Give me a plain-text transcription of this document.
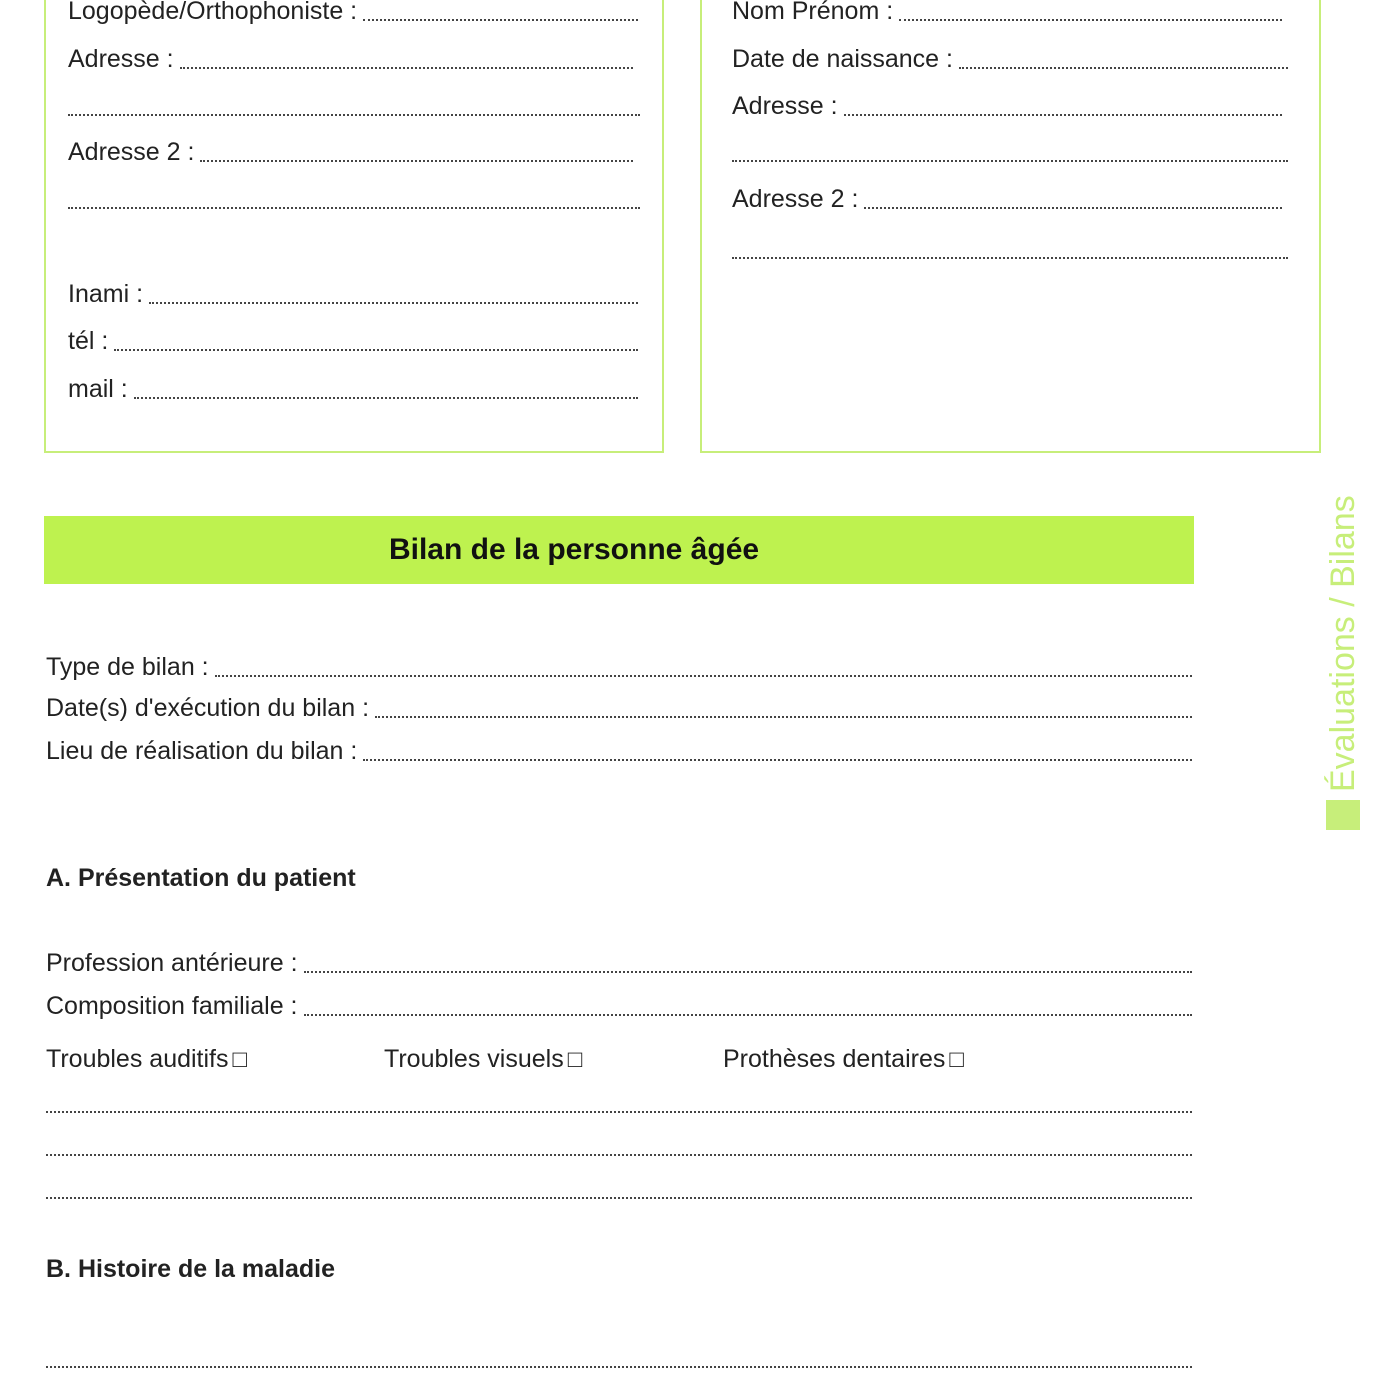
Logopède/Orthophoniste :
Adresse :
Adresse 2 :
Inami :
tél :
mail :
Nom Prénom :
Date de naissance :
Adresse :
Adresse 2 :
Bilan de la personne âgée
Type de bilan :
Date(s) d'exécution du bilan :
Lieu de réalisation du bilan :
A. Présentation du patient
Profession antérieure :
Composition familiale :
Troubles auditifs □	Troubles visuels □	Prothèses dentaires □
B. Histoire de la maladie
Évaluations / Bilans
